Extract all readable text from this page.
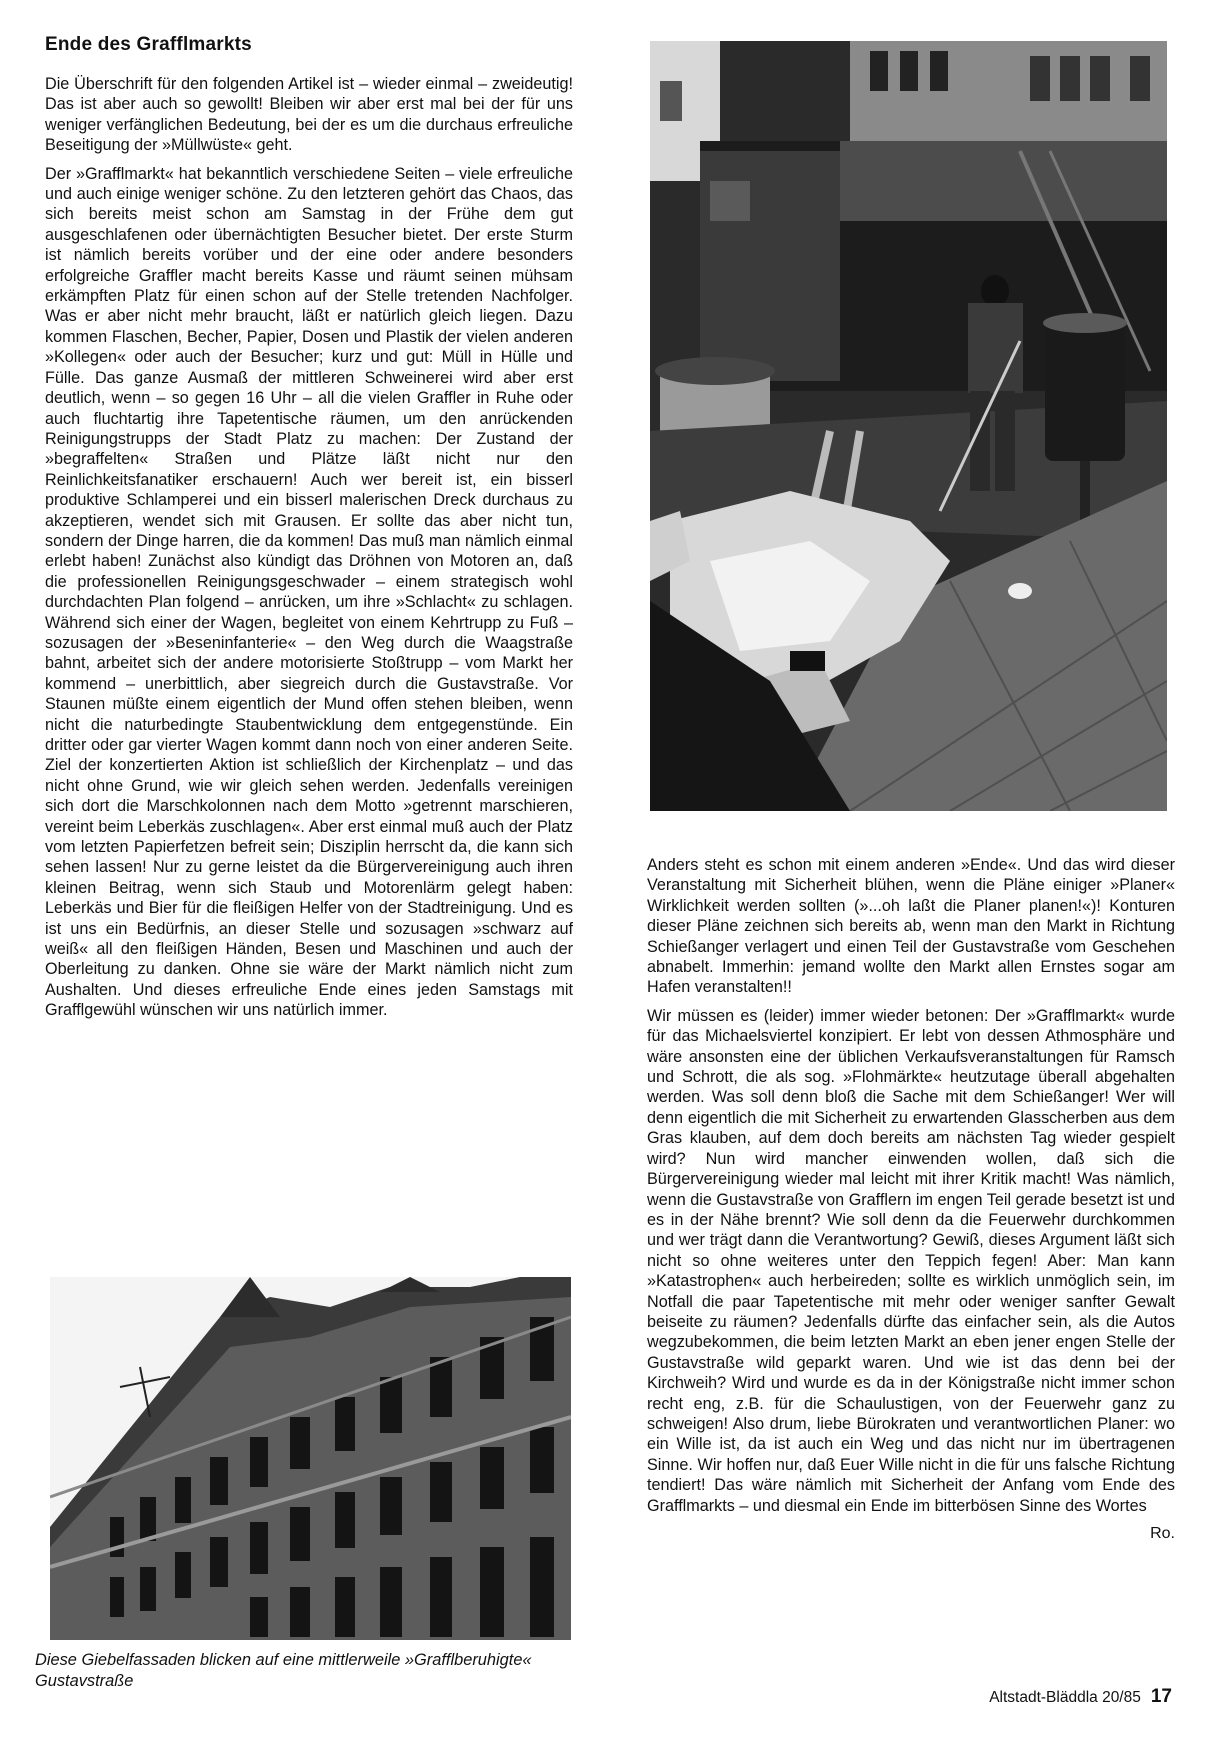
Ende des Grafflmarkts

Die Überschrift für den folgenden Artikel ist – wieder einmal – zweideutig! Das ist aber auch so gewollt! Bleiben wir aber erst mal bei der für uns weniger verfänglichen Bedeutung, bei der es um die durchaus erfreuliche Beseitigung der »Müllwüste« geht.

Der »Grafflmarkt« hat bekanntlich verschiedene Seiten – viele erfreuliche und auch einige weniger schöne. Zu den letzteren gehört das Chaos, das sich bereits meist schon am Samstag in der Frühe dem gut ausgeschlafenen oder übernächtigten Besucher bietet. Der erste Sturm ist nämlich bereits vorüber und der eine oder andere besonders erfolgreiche Graffler macht bereits Kasse und räumt seinen mühsam erkämpften Platz für einen schon auf der Stelle tretenden Nachfolger. Was er aber nicht mehr braucht, läßt er natürlich gleich liegen. Dazu kommen Flaschen, Becher, Papier, Dosen und Plastik der vielen anderen »Kollegen« oder auch der Besucher; kurz und gut: Müll in Hülle und Fülle. Das ganze Ausmaß der mittleren Schweinerei wird aber erst deutlich, wenn – so gegen 16 Uhr – all die vielen Graffler in Ruhe oder auch fluchtartig ihre Tapetentische räumen, um den anrückenden Reinigungstrupps der Stadt Platz zu machen: Der Zustand der »begraffelten« Straßen und Plätze läßt nicht nur den Reinlichkeitsfanatiker erschauern! Auch wer bereit ist, ein bisserl produktive Schlamperei und ein bisserl malerischen Dreck durchaus zu akzeptieren, wendet sich mit Grausen. Er sollte das aber nicht tun, sondern der Dinge harren, die da kommen! Das muß man nämlich einmal erlebt haben! Zunächst also kündigt das Dröhnen von Motoren an, daß die professionellen Reinigungsgeschwader – einem strategisch wohl durchdachten Plan folgend – anrücken, um ihre »Schlacht« zu schlagen. Während sich einer der Wagen, begleitet von einem Kehrtrupp zu Fuß – sozusagen der »Beseninfanterie« – den Weg durch die Waagstraße bahnt, arbeitet sich der andere motorisierte Stoßtrupp – vom Markt her kommend – unerbittlich, aber siegreich durch die Gustavstraße. Vor Staunen müßte einem eigentlich der Mund offen stehen bleiben, wenn nicht die naturbedingte Staubentwicklung dem entgegenstünde. Ein dritter oder gar vierter Wagen kommt dann noch von einer anderen Seite. Ziel der konzertierten Aktion ist schließlich der Kirchenplatz – und das nicht ohne Grund, wie wir gleich sehen werden. Jedenfalls vereinigen sich dort die Marschkolonnen nach dem Motto »getrennt marschieren, vereint beim Leberkäs zuschlagen«. Aber erst einmal muß auch der Platz vom letzten Papierfetzen befreit sein; Disziplin herrscht da, die kann sich sehen lassen! Nur zu gerne leistet da die Bürgervereinigung auch ihren kleinen Beitrag, wenn sich Staub und Motorenlärm gelegt haben: Leberkäs und Bier für die fleißigen Helfer von der Stadtreinigung. Und es ist uns ein Bedürfnis, an dieser Stelle und sozusagen »schwarz auf weiß« all den fleißigen Händen, Besen und Maschinen und auch der Oberleitung zu danken. Ohne sie wäre der Markt nämlich nicht zum Aushalten. Und dieses erfreuliche Ende eines jeden Samstags mit Grafflgewühl wünschen wir uns natürlich immer.

Anders steht es schon mit einem anderen »Ende«. Und das wird dieser Veranstaltung mit Sicherheit blühen, wenn die Pläne einiger »Planer« Wirklichkeit werden sollten (»...oh laßt die Planer planen!«)! Konturen dieser Pläne zeichnen sich bereits ab, wenn man den Markt in Richtung Schießanger verlagert und einen Teil der Gustavstraße vom Geschehen abnabelt. Immerhin: jemand wollte den Markt allen Ernstes sogar am Hafen veranstalten!!

Wir müssen es (leider) immer wieder betonen: Der »Grafflmarkt« wurde für das Michaelsviertel konzipiert. Er lebt von dessen Athmosphäre und wäre ansonsten eine der üblichen Verkaufsveranstaltungen für Ramsch und Schrott, die als sog. »Flohmärkte« heutzutage überall abgehalten werden. Was soll denn bloß die Sache mit dem Schießanger! Wer will denn eigentlich die mit Sicherheit zu erwartenden Glasscherben aus dem Gras klauben, auf dem doch bereits am nächsten Tag wieder gespielt wird? Nun wird mancher einwenden wollen, daß sich die Bürgervereinigung wieder mal leicht mit ihrer Kritik macht! Was nämlich, wenn die Gustavstraße von Grafflern im engen Teil gerade besetzt ist und es in der Nähe brennt? Wie soll denn da die Feuerwehr durchkommen und wer trägt dann die Verantwortung? Gewiß, dieses Argument läßt sich nicht so ohne weiteres unter den Teppich fegen! Aber: Man kann »Katastrophen« auch herbeireden; sollte es wirklich unmöglich sein, im Notfall die paar Tapetentische mit mehr oder weniger sanfter Gewalt beiseite zu räumen? Jedenfalls dürfte das einfacher sein, als die Autos wegzubekommen, die beim letzten Markt an eben jener engen Stelle der Gustavstraße wild geparkt waren. Und wie ist das denn bei der Kirchweih? Wird und wurde es da in der Königstraße nicht immer schon recht eng, z.B. für die Schaulustigen, von der Feuerwehr ganz zu schweigen! Also drum, liebe Bürokraten und verantwortlichen Planer: wo ein Wille ist, da ist auch ein Weg und das nicht nur im übertragenen Sinne. Wir hoffen nur, daß Euer Wille nicht in die für uns falsche Richtung tendiert! Das wäre nämlich mit Sicherheit der Anfang vom Ende des Grafflmarkts – und diesmal ein Ende im bitterbösen Sinne des Wortes

Ro.
Diese Giebelfassaden blicken auf eine mittlerweile »Grafflberuhigte« Gustavstraße
Altstadt-Bläddla 20/85 17
